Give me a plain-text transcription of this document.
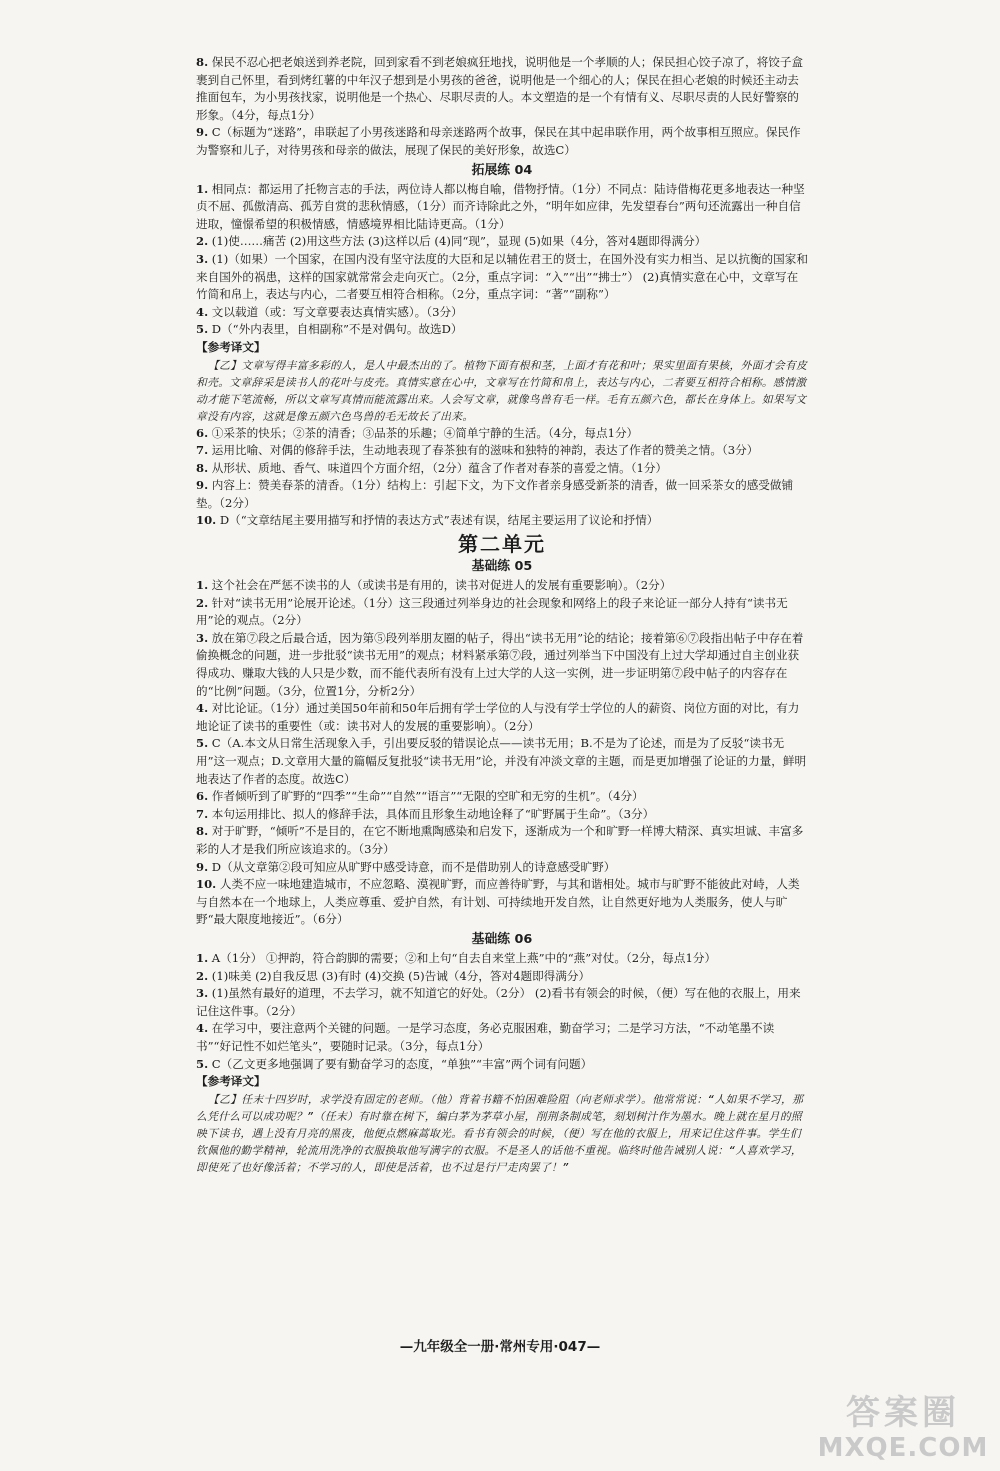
8. 保民不忍心把老娘送到养老院，回到家看不到老娘疯狂地找，说明他是一个孝顺的人；保民担心饺子凉了，将饺子盒裹到自己怀里，看到烤红薯的中年汉子想到是小男孩的爸爸，说明他是一个细心的人；保民在担心老娘的时候还主动去推面包车，为小男孩找家，说明他是一个热心、尽职尽责的人。本文塑造的是一个有情有义、尽职尽责的人民好警察的形象。（4分，每点1分）

9. C（标题为“迷路”，串联起了小男孩迷路和母亲迷路两个故事，保民在其中起串联作用，两个故事相互照应。保民作为警察和儿子，对待男孩和母亲的做法，展现了保民的美好形象，故选C）

拓展练 04

1. 相同点：都运用了托物言志的手法，两位诗人都以梅自喻，借物抒情。（1分）不同点：陆诗借梅花更多地表达一种坚贞不屈、孤傲清高、孤芳自赏的悲秋情感，（1分）而齐诗除此之外，“明年如应律，先发望春台”两句还流露出一种自信进取，憧憬希望的积极情感，情感境界相比陆诗更高。（1分）

2. (1)使……痛苦 (2)用这些方法 (3)这样以后 (4)同“现”，显现 (5)如果（4分，答对4题即得满分）

3. (1)（如果）一个国家，在国内没有坚守法度的大臣和足以辅佐君王的贤士，在国外没有实力相当、足以抗衡的国家和来自国外的祸患，这样的国家就常常会走向灭亡。（2分，重点字词：“入”“出”“拂士”） (2)真情实意在心中，文章写在竹简和帛上，表达与内心，二者要互相符合相称。（2分，重点字词：“著”“副称”）

4. 文以载道（或：写文章要表达真情实感）。（3分）

5. D（“外内表里，自相副称”不是对偶句。故选D）

【参考译文】
【乙】文章写得丰富多彩的人，是人中最杰出的了。植物下面有根和茎，上面才有花和叶；果实里面有果核，外面才会有皮和壳。文章辞采是读书人的花叶与皮壳。真情实意在心中，文章写在竹简和帛上，表达与内心，二者要互相符合相称。感情激动才能下笔流畅，所以文章写真情而能流露出来。人会写文章，就像鸟兽有毛一样。毛有五颜六色，都长在身体上。如果写文章没有内容，这就是像五颜六色鸟兽的毛无故长了出来。

6. ①采茶的快乐；②茶的清香；③品茶的乐趣；④简单宁静的生活。（4分，每点1分）

7. 运用比喻、对偶的修辞手法，生动地表现了春茶独有的滋味和独特的神韵，表达了作者的赞美之情。（3分）

8. 从形状、质地、香气、味道四个方面介绍，（2分）蕴含了作者对春茶的喜爱之情。（1分）

9. 内容上：赞美春茶的清香。（1分）结构上：引起下文，为下文作者亲身感受新茶的清香，做一回采茶女的感受做铺垫。（2分）

10. D（“文章结尾主要用描写和抒情的表达方式”表述有误，结尾主要运用了议论和抒情）

第二单元
基础练 05

1. 这个社会在严惩不读书的人（或读书是有用的，读书对促进人的发展有重要影响）。（2分）

2. 针对“读书无用”论展开论述。（1分）这三段通过列举身边的社会现象和网络上的段子来论证一部分人持有“读书无用”论的观点。（2分）

3. 放在第⑦段之后最合适，因为第⑤段列举朋友圈的帖子，得出“读书无用”论的结论；接着第⑥⑦段指出帖子中存在着偷换概念的问题，进一步批驳“读书无用”的观点；材料紧承第⑦段，通过列举当下中国没有上过大学却通过自主创业获得成功、赚取大钱的人只是少数，而不能代表所有没有上过大学的人这一实例，进一步证明第⑦段中帖子的内容存在的“比例”问题。（3分，位置1分，分析2分）

4. 对比论证。（1分）通过美国50年前和50年后拥有学士学位的人与没有学士学位的人的薪资、岗位方面的对比，有力地论证了读书的重要性（或：读书对人的发展的重要影响）。（2分）

5. C（A.本文从日常生活现象入手，引出要反驳的错误论点——读书无用；B.不是为了论述，而是为了反驳“读书无用”这一观点；D.文章用大量的篇幅反复批驳“读书无用”论，并没有冲淡文章的主题，而是更加增强了论证的力量，鲜明地表达了作者的态度。故选C）

6. 作者倾听到了旷野的“四季”“生命”“自然”“语言”“无限的空旷和无穷的生机”。（4分）

7. 本句运用排比、拟人的修辞手法，具体而且形象生动地诠释了“旷野属于生命”。（3分）

8. 对于旷野，“倾听”不是目的，在它不断地熏陶感染和启发下，逐渐成为一个和旷野一样博大精深、真实坦诚、丰富多彩的人才是我们所应该追求的。（3分）

9. D（从文章第②段可知应从旷野中感受诗意，而不是借助别人的诗意感受旷野）

10. 人类不应一味地建造城市，不应忽略、漠视旷野，而应善待旷野，与其和谐相处。城市与旷野不能彼此对峙，人类与自然本在一个地球上，人类应尊重、爱护自然，有计划、可持续地开发自然，让自然更好地为人类服务，使人与旷野“最大限度地接近”。（6分）

基础练 06

1. A（1分） ①押韵，符合韵脚的需要；②和上句“自去自来堂上燕”中的“燕”对仗。（2分，每点1分）

2. (1)味美 (2)自我反思 (3)有时 (4)交换 (5)告诫（4分，答对4题即得满分）

3. (1)虽然有最好的道理，不去学习，就不知道它的好处。（2分） (2)看书有领会的时候，（便）写在他的衣服上，用来记住这件事。（2分）

4. 在学习中，要注意两个关键的问题。一是学习态度，务必克服困难，勤奋学习；二是学习方法，“不动笔墨不读书”“好记性不如烂笔头”，要随时记录。（3分，每点1分）

5. C（乙文更多地强调了要有勤奋学习的态度，“单独”“丰富”两个词有问题）

【参考译文】
【乙】任末十四岁时，求学没有固定的老师。（他）背着书籍不怕困难险阻（向老师求学）。他常常说：“人如果不学习，那么凭什么可以成功呢？”（任末）有时靠在树下，编白茅为茅草小屋，削荆条制成笔，刻划树汁作为墨水。晚上就在星月的照映下读书，遇上没有月亮的黑夜，他便点燃麻蒿取光。看书有领会的时候，（便）写在他的衣服上，用来记住这件事。学生们钦佩他的勤学精神，轮流用洗净的衣服换取他写满字的衣服。不是圣人的话他不重视。临终时他告诫别人说：“人喜欢学习，即使死了也好像活着；不学习的人，即使是活着，也不过是行尸走肉罢了！”
—九年级全一册·常州专用·047—
答案圈
MXQE.COM
